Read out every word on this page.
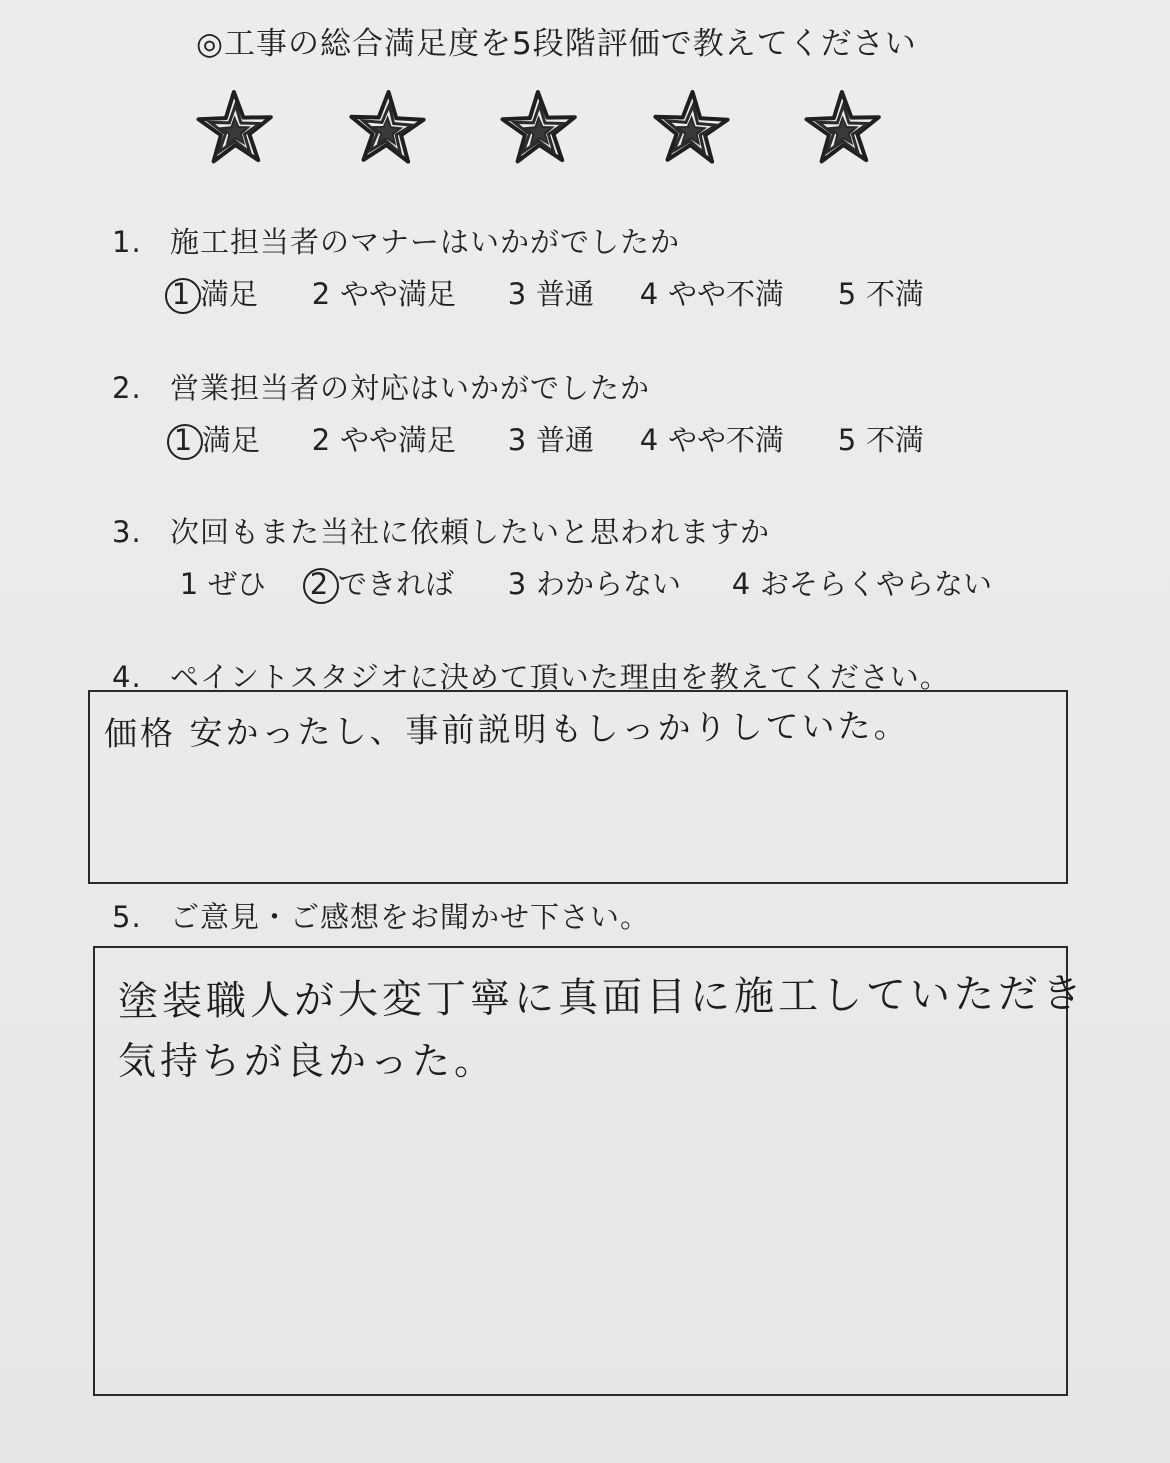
◎工事の総合満足度を5段階評価で教えてください
1. 施工担当者のマナーはいかがでしたか
1 満足	2 やや満足	3 普通	4 やや不満	5 不満
2. 営業担当者の対応はいかがでしたか
1 満足	2 やや満足	3 普通	4 やや不満	5 不満
3. 次回もまた当社に依頼したいと思われますか
1 ぜひ	2 できれば	3 わからない	4 おそらくやらない
4. ペイントスタジオに決めて頂いた理由を教えてください。
価格 安かったし、事前説明もしっかりしていた。
5. ご意見・ご感想をお聞かせ下さい。
塗装職人が大変丁寧に真面目に施工していただき
気持ちが良かった。
